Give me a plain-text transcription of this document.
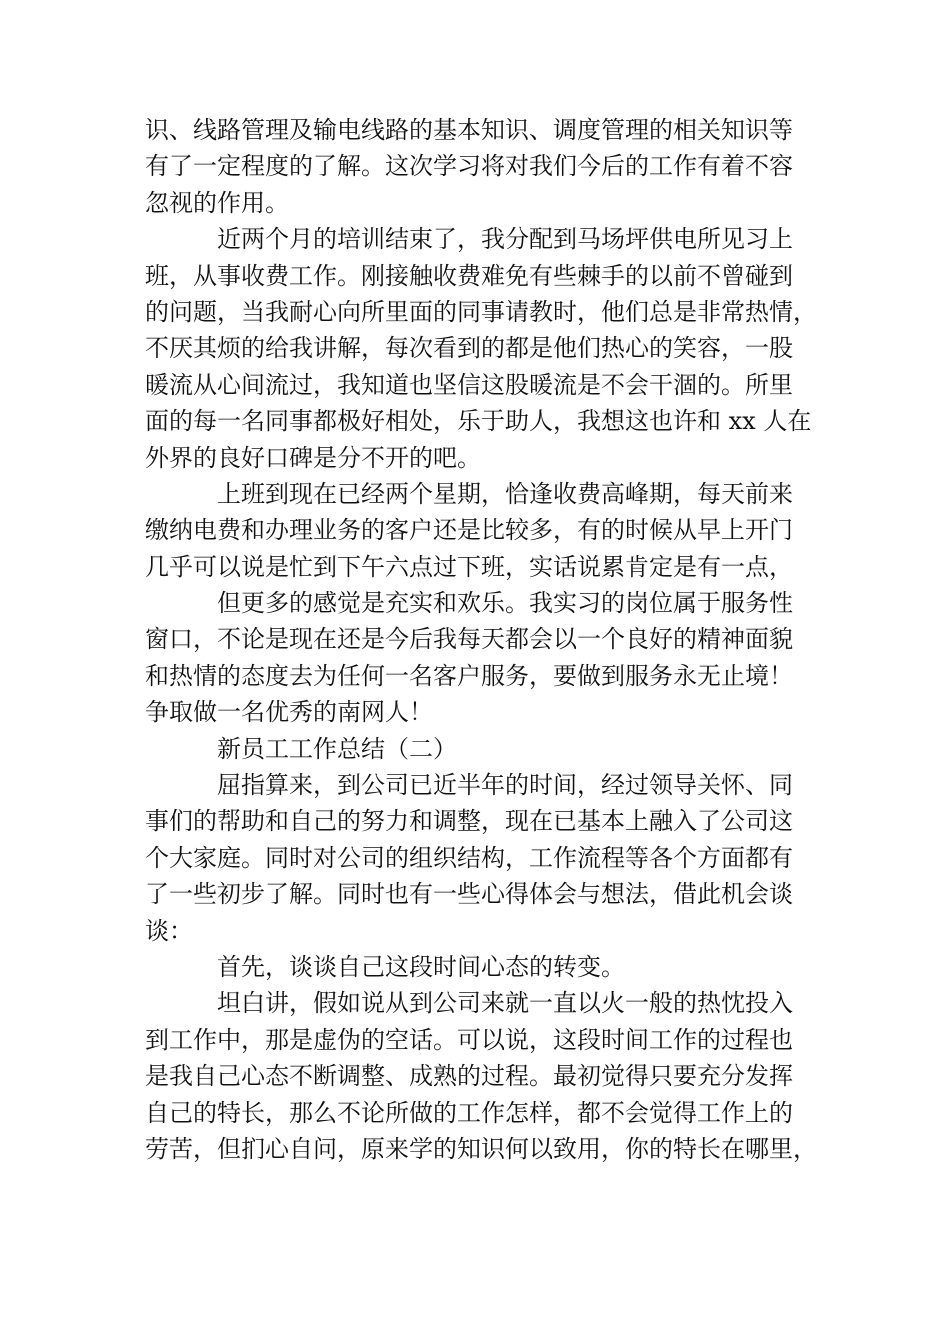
识、线路管理及输电线路的基本知识、调度管理的相关知识等
有了一定程度的了解。这次学习将对我们今后的工作有着不容
忽视的作用。
近两个月的培训结束了，我分配到马场坪供电所见习上
班，从事收费工作。刚接触收费难免有些棘手的以前不曾碰到
的问题，当我耐心向所里面的同事请教时，他们总是非常热情，
不厌其烦的给我讲解，每次看到的都是他们热心的笑容，一股
暖流从心间流过，我知道也坚信这股暖流是不会干涸的。所里
面的每一名同事都极好相处，乐于助人，我想这也许和 xx 人在
外界的良好口碑是分不开的吧。
上班到现在已经两个星期，恰逢收费高峰期，每天前来
缴纳电费和办理业务的客户还是比较多，有的时候从早上开门
几乎可以说是忙到下午六点过下班，实话说累肯定是有一点，
但更多的感觉是充实和欢乐。我实习的岗位属于服务性
窗口，不论是现在还是今后我每天都会以一个良好的精神面貌
和热情的态度去为任何一名客户服务，要做到服务永无止境！
争取做一名优秀的南网人！
新员工工作总结（二）
屈指算来，到公司已近半年的时间，经过领导关怀、同
事们的帮助和自己的努力和调整，现在已基本上融入了公司这
个大家庭。同时对公司的组织结构，工作流程等各个方面都有
了一些初步了解。同时也有一些心得体会与想法，借此机会谈
谈：
首先，谈谈自己这段时间心态的转变。
坦白讲，假如说从到公司来就一直以火一般的热忱投入
到工作中，那是虚伪的空话。可以说，这段时间工作的过程也
是我自己心态不断调整、成熟的过程。最初觉得只要充分发挥
自己的特长，那么不论所做的工作怎样，都不会觉得工作上的
劳苦，但扪心自问，原来学的知识何以致用，你的特长在哪里，
